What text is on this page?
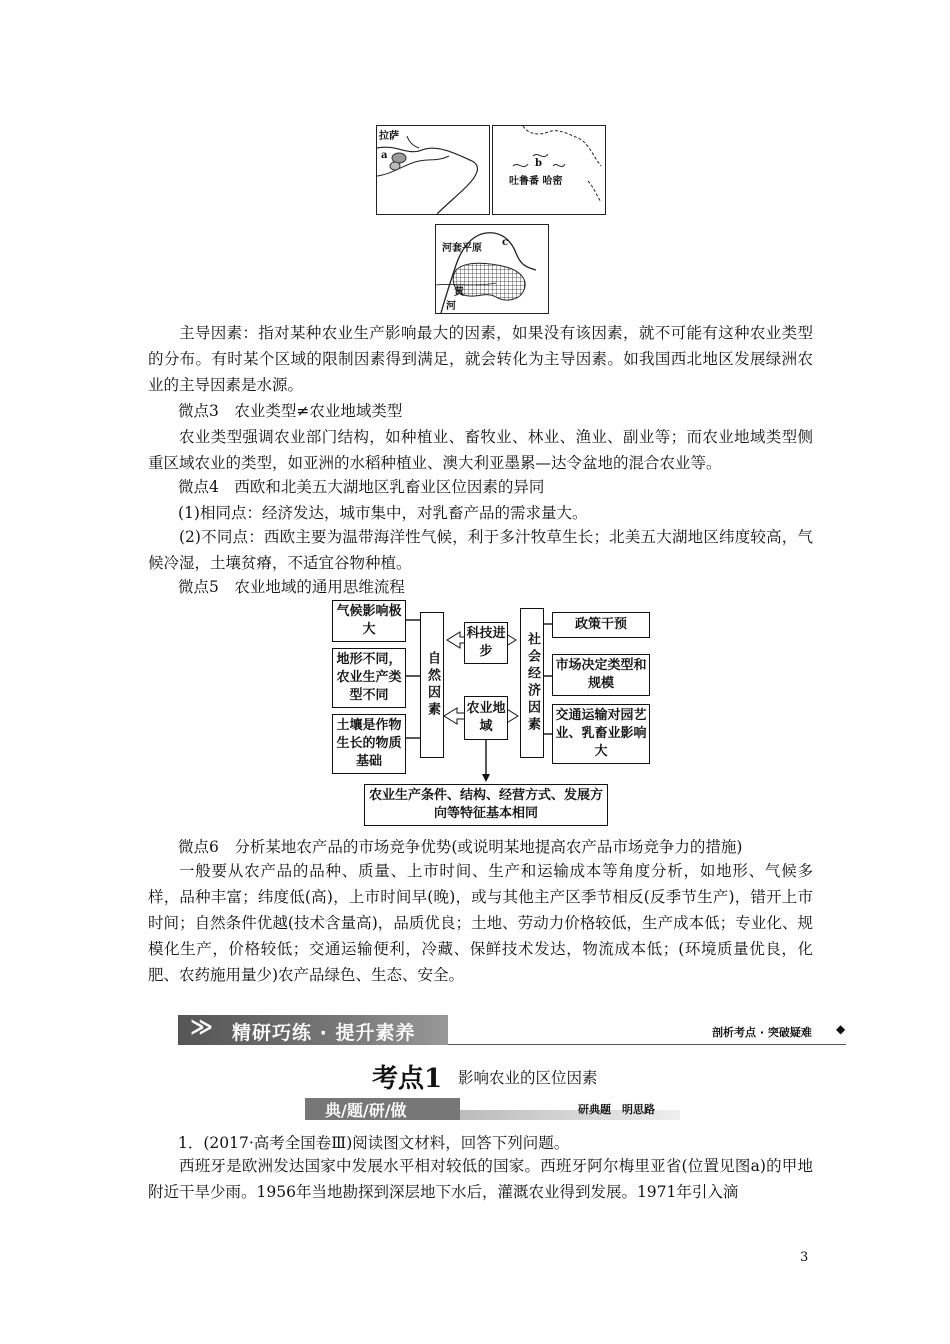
拉萨
a
b
吐鲁番 哈密
河套平原
c
黄
河
主导因素：指对某种农业生产影响最大的因素，如果没有该因素，就不可能有这种农业类型的分布。有时某个区域的限制因素得到满足，就会转化为主导因素。如我国西北地区发展绿洲农业的主导因素是水源。
微点3　农业类型≠农业地域类型
农业类型强调农业部门结构，如种植业、畜牧业、林业、渔业、副业等；而农业地域类型侧重区域农业的类型，如亚洲的水稻种植业、澳大利亚墨累—达令盆地的混合农业等。
微点4　西欧和北美五大湖地区乳畜业区位因素的异同
(1)相同点：经济发达，城市集中，对乳畜产品的需求量大。
(2)不同点：西欧主要为温带海洋性气候，利于多汁牧草生长；北美五大湖地区纬度较高，气候冷湿，土壤贫瘠，不适宜谷物种植。
微点5　农业地域的通用思维流程
气候影响极大
地形不同，农业生产类型不同
土壤是作物生长的物质基础
自然因素
科技进步
农业地域	社会经济因素
政策干预
市场决定类型和规模
交通运输对园艺业、乳畜业影响大
农业生产条件、结构、经营方式、发展方向等特征基本相同
微点6　分析某地农产品的市场竞争优势(或说明某地提高农产品市场竞争力的措施)
一般要从农产品的品种、质量、上市时间、生产和运输成本等角度分析，如地形、气候多样，品种丰富；纬度低(高)，上市时间早(晚)，或与其他主产区季节相反(反季节生产)，错开上市时间；自然条件优越(技术含量高)，品质优良；土地、劳动力价格较低，生产成本低；专业化、规模化生产，价格较低；交通运输便利，冷藏、保鲜技术发达，物流成本低；(环境质量优良，化肥、农药施用量少)农产品绿色、生态、安全。
≫ 精研巧练 · 提升素养	剖析考点 · 突破疑难 ◆
考点1 影响农业的区位因素
典/题/研/做	研典题　明思路
1．(2017·高考全国卷Ⅲ)阅读图文材料，回答下列问题。
西班牙是欧洲发达国家中发展水平相对较低的国家。西班牙阿尔梅里亚省(位置见图a)的甲地附近干旱少雨。1956年当地勘探到深层地下水后，灌溉农业得到发展。1971年引入滴
3
